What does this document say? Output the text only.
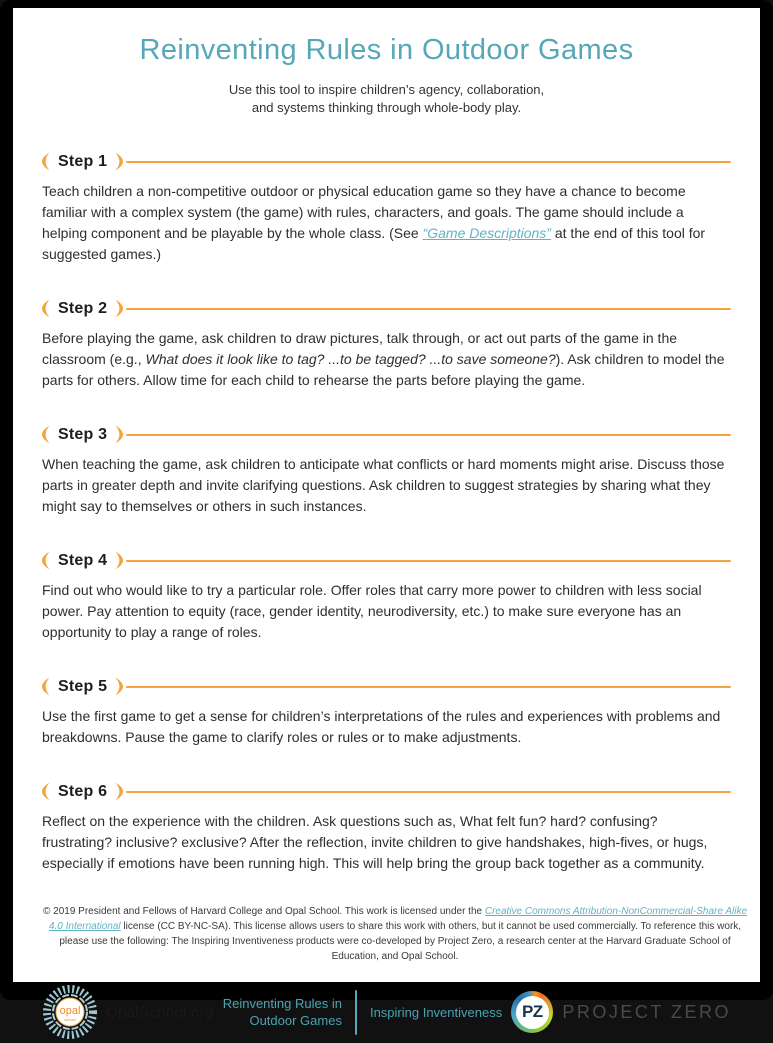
Reinventing Rules in Outdoor Games

Use this tool to inspire children’s agency, collaboration,
and systems thinking through whole-body play.

Step 1

Teach children a non-competitive outdoor or physical education game so they have a chance to become familiar with a complex system (the game) with rules, characters, and goals. The game should include a helping component and be playable by the whole class. (See “Game Descriptions” at the end of this tool for suggested games.)

Step 2

Before playing the game, ask children to draw pictures, talk through, or act out parts of the game in the classroom (e.g., What does it look like to tag? ...to be tagged? ...to save someone?). Ask children to model the parts for others. Allow time for each child to rehearse the parts before playing the game.

Step 3

When teaching the game, ask children to anticipate what conflicts or hard moments might arise. Discuss those parts in greater depth and invite clarifying questions. Ask children to suggest strategies by sharing what they might say to themselves or others in such instances.

Step 4

Find out who would like to try a particular role. Offer roles that carry more power to children with less social power. Pay attention to equity (race, gender identity, neurodiversity, etc.) to make sure everyone has an opportunity to play a range of roles.

Step 5

Use the first game to get a sense for children’s interpretations of the rules and experiences with problems and breakdowns. Pause the game to clarify roles or rules or to make adjustments.

Step 6

Reflect on the experience with the children. Ask questions such as, What felt fun? hard? confusing? frustrating? inclusive? exclusive? After the reflection, invite children to give handshakes, high-fives, or hugs, especially if emotions have been running high. This will help bring the group back together as a community.

© 2019 President and Fellows of Harvard College and Opal School. This work is licensed under the Creative Commons Attribution-NonCommercial-Share Alike 4.0 International license (CC BY-NC-SA). This license allows users to share this work with others, but it cannot be used commercially. To reference this work, please use the following: The Inspiring Inventiveness products were co-developed by Project Zero, a research center at the Harvard Graduate School of Education, and Opal School.

opal
school OpalSchool.org Reinventing Rules in
Outdoor Games
Inspiring Inventiveness	PZ	PROJECT ZERO
